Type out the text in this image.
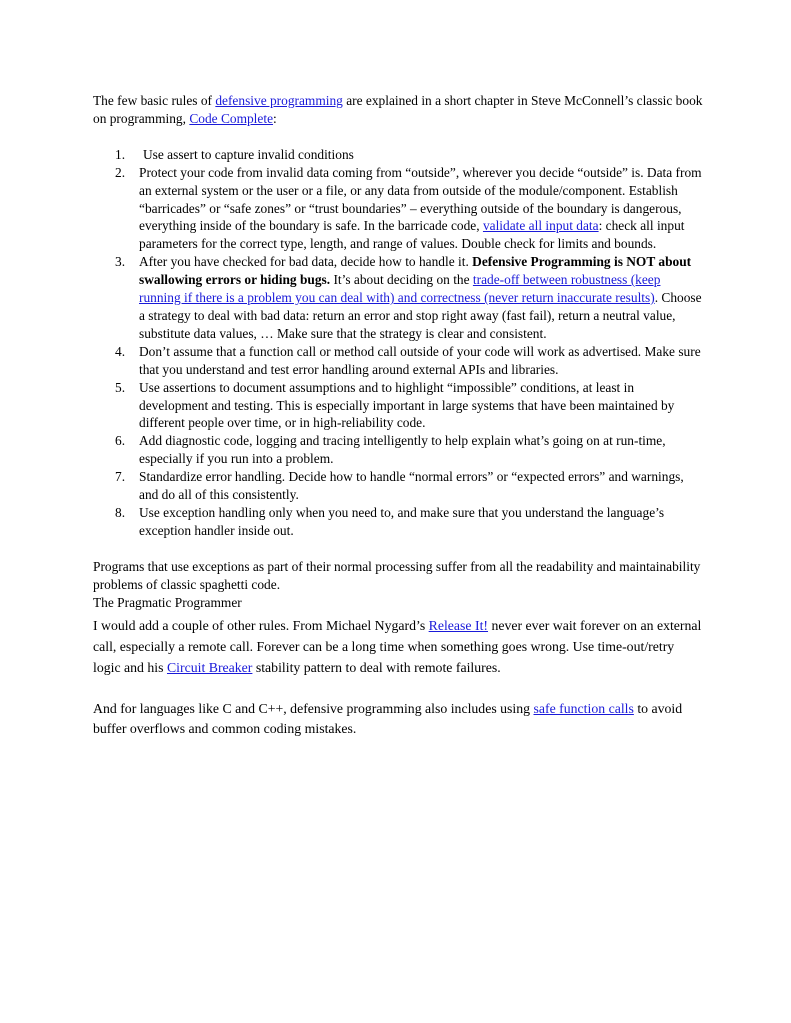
The few basic rules of defensive programming are explained in a short chapter in Steve McConnell’s classic book on programming, Code Complete:

1. Use assert to capture invalid conditions
2. Protect your code from invalid data coming from “outside”, wherever you decide “outside” is. Data from an external system or the user or a file, or any data from outside of the module/component. Establish “barricades” or “safe zones” or “trust boundaries” – everything outside of the boundary is dangerous, everything inside of the boundary is safe. In the barricade code, validate all input data: check all input parameters for the correct type, length, and range of values. Double check for limits and bounds.
3. After you have checked for bad data, decide how to handle it. Defensive Programming is NOT about swallowing errors or hiding bugs. It’s about deciding on the trade-off between robustness (keep running if there is a problem you can deal with) and correctness (never return inaccurate results). Choose a strategy to deal with bad data: return an error and stop right away (fast fail), return a neutral value, substitute data values, … Make sure that the strategy is clear and consistent.
4. Don’t assume that a function call or method call outside of your code will work as advertised. Make sure that you understand and test error handling around external APIs and libraries.
5. Use assertions to document assumptions and to highlight “impossible” conditions, at least in development and testing. This is especially important in large systems that have been maintained by different people over time, or in high-reliability code.
6. Add diagnostic code, logging and tracing intelligently to help explain what’s going on at run-time, especially if you run into a problem.
7. Standardize error handling. Decide how to handle “normal errors” or “expected errors” and warnings, and do all of this consistently.
8. Use exception handling only when you need to, and make sure that you understand the language’s exception handler inside out.

Programs that use exceptions as part of their normal processing suffer from all the readability and maintainability problems of classic spaghetti code.

The Pragmatic Programmer

I would add a couple of other rules. From Michael Nygard’s Release It! never ever wait forever on an external call, especially a remote call. Forever can be a long time when something goes wrong. Use time-out/retry logic and his Circuit Breaker stability pattern to deal with remote failures.

And for languages like C and C++, defensive programming also includes using safe function calls to avoid buffer overflows and common coding mistakes.
